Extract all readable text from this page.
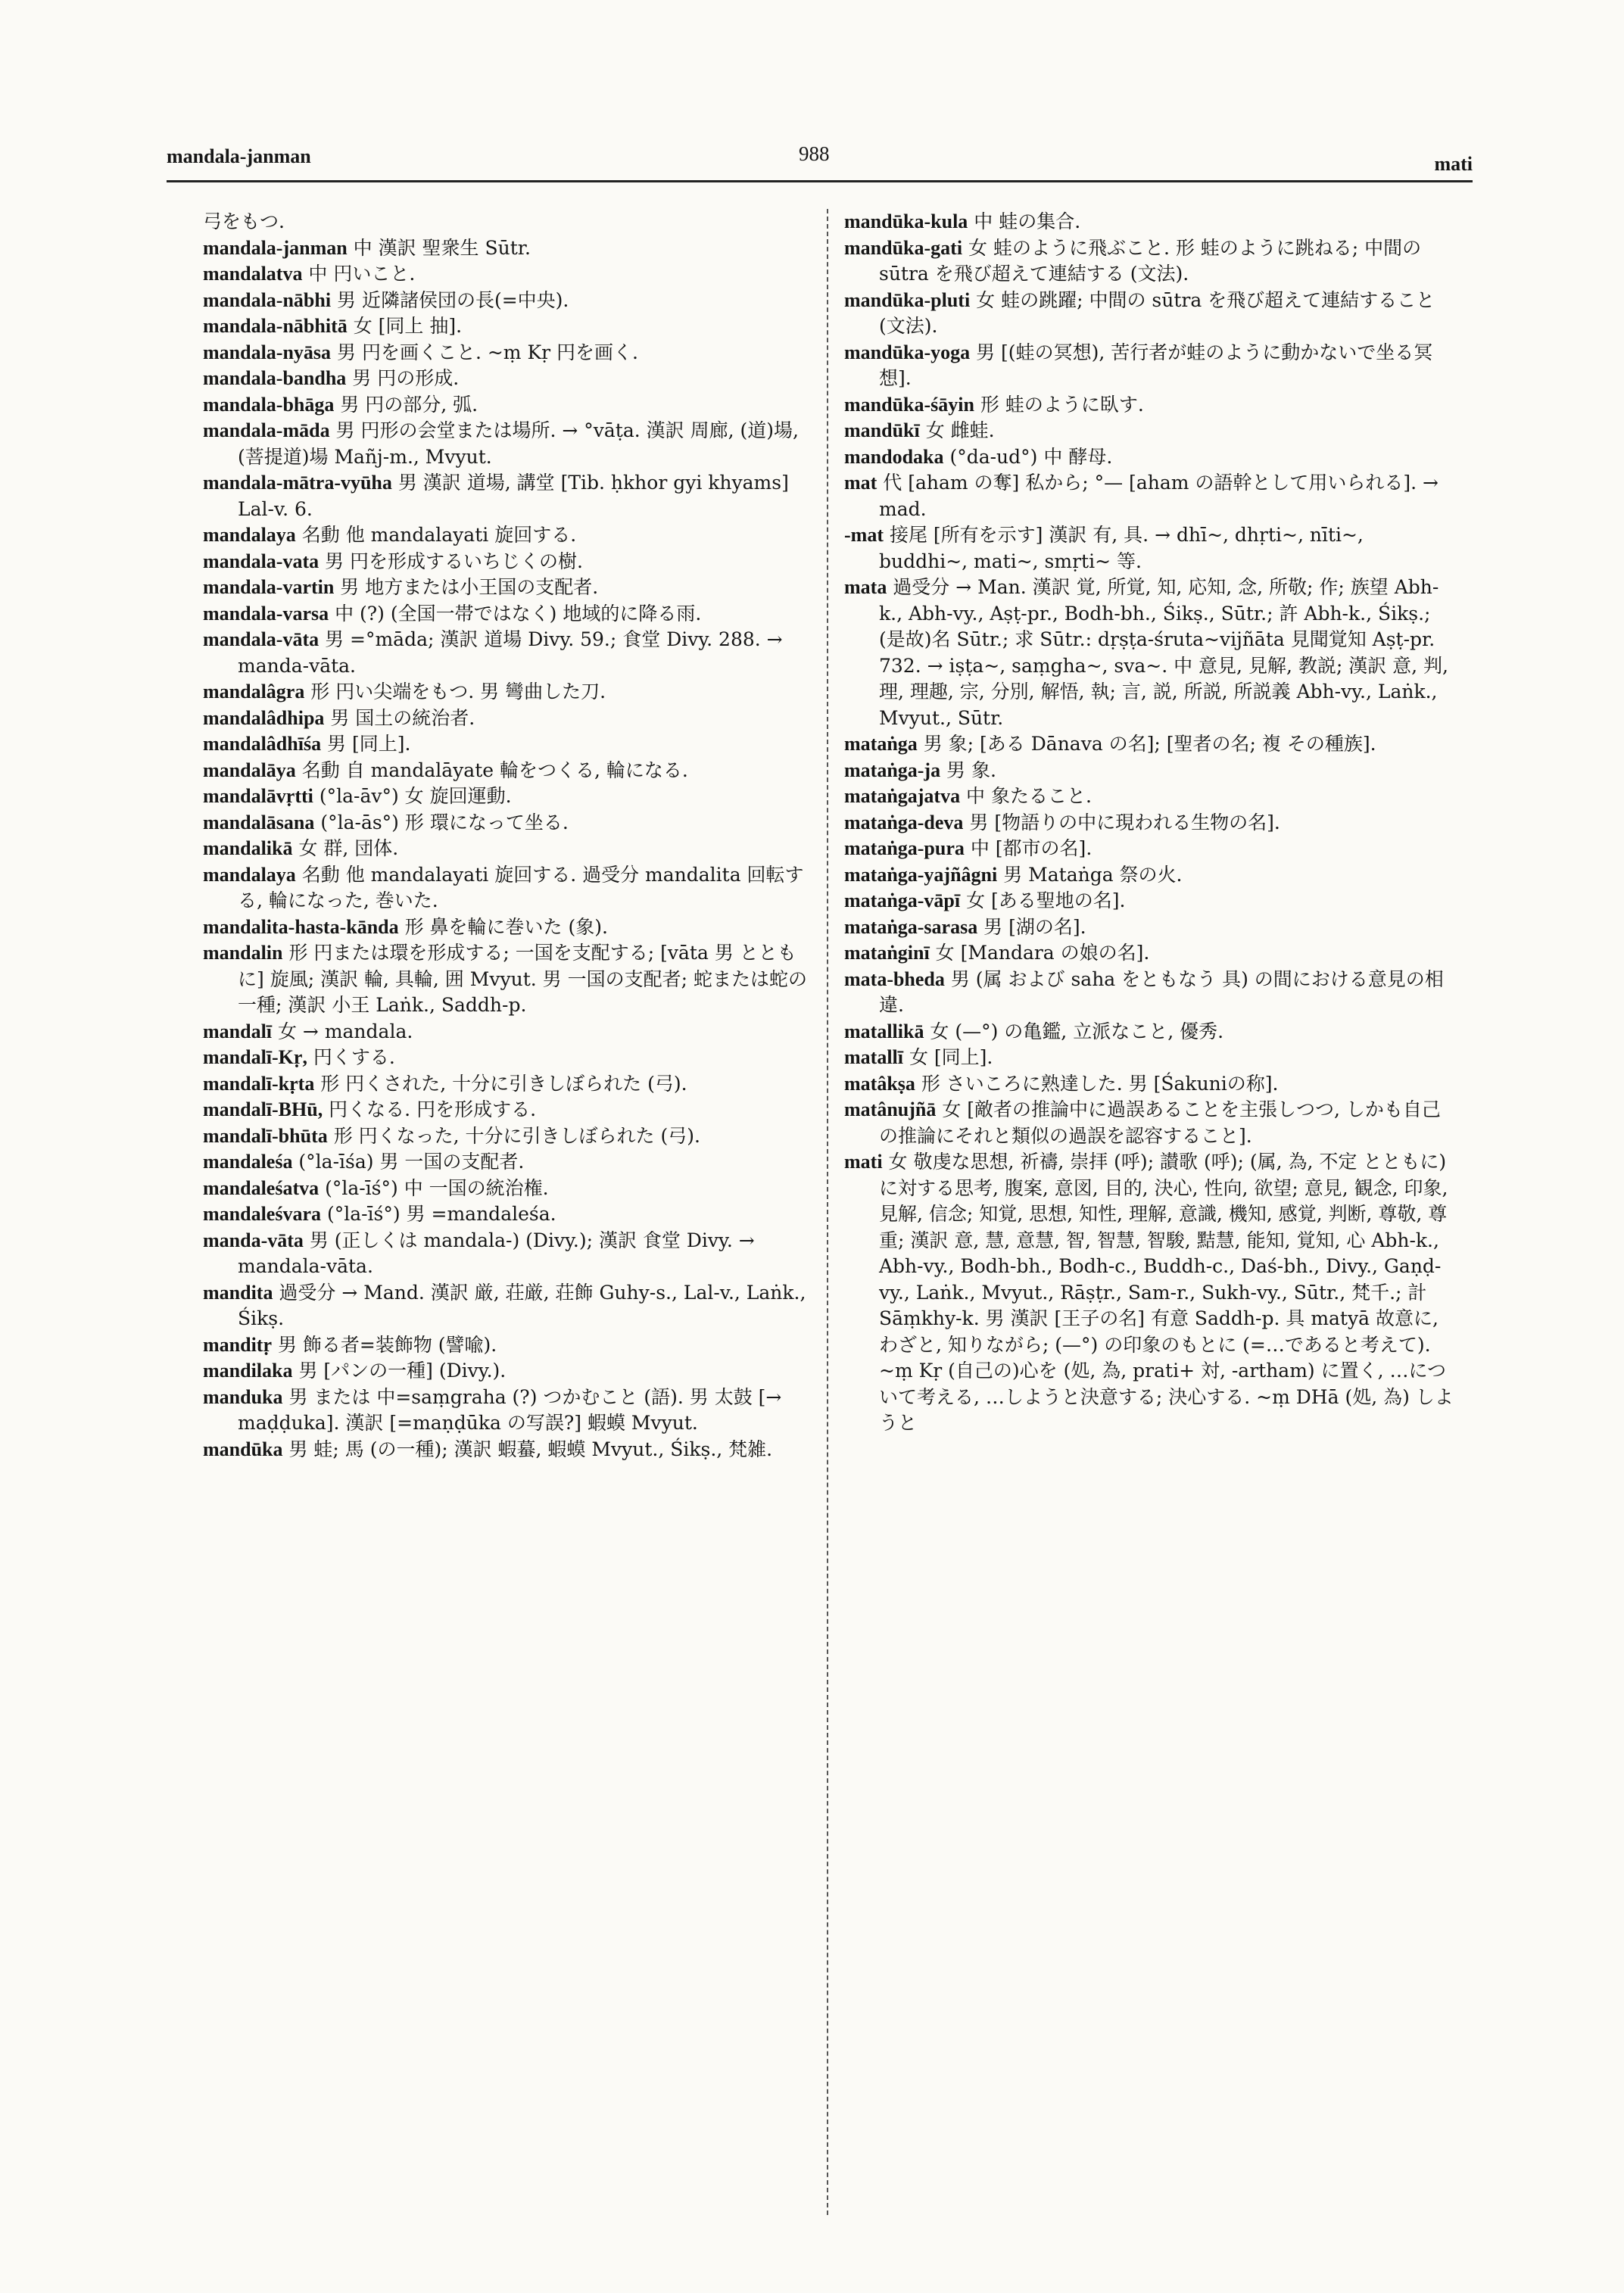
mandala-janman	988	mati
弓をもつ.
mandala-janman 中 漢訳 聖衆生 Sūtr.
mandalatva 中 円いこと.
mandala-nābhi 男 近隣諸侯団の長(=中央).
mandala-nābhitā 女 [同上 抽].
mandala-nyāsa 男 円を画くこと. ~ṃ Kṛ 円を画く.
mandala-bandha 男 円の形成.
mandala-bhāga 男 円の部分, 弧.
mandala-māda 男 円形の会堂または場所. → °vāṭa. 漢訳 周廊, (道)場, (菩提道)場 Mañj-m., Mvyut.
mandala-mātra-vyūha 男 漢訳 道場, 講堂 [Tib. ḥkhor gyi khyams] Lal-v. 6.
mandalaya 名動 他 mandalayati 旋回する.
mandala-vata 男 円を形成するいちじくの樹.
mandala-vartin 男 地方または小王国の支配者.
mandala-varsa 中 (?) (全国一帯ではなく) 地域的に降る雨.
mandala-vāta 男 =°māda; 漢訳 道場 Divy. 59.; 食堂 Divy. 288. → manda-vāta.
mandalâgra 形 円い尖端をもつ. 男 彎曲した刀.
mandalâdhipa 男 国土の統治者.
mandalâdhīśa 男 [同上].
mandalāya 名動 自 mandalāyate 輪をつくる, 輪になる.
mandalāvṛtti (°la-āv°) 女 旋回運動.
mandalāsana (°la-ās°) 形 環になって坐る.
mandalikā 女 群, 団体.
mandalaya 名動 他 mandalayati 旋回する. 過受分 mandalita 回転する, 輪になった, 巻いた.
mandalita-hasta-kānda 形 鼻を輪に巻いた (象).
mandalin 形 円または環を形成する; 一国を支配する; [vāta 男 とともに] 旋風; 漢訳 輪, 具輪, 囲 Mvyut. 男 一国の支配者; 蛇または蛇の一種; 漢訳 小王 Laṅk., Saddh-p.
mandalī 女 → mandala.
mandalī-Kṛ, 円くする.
mandalī-kṛta 形 円くされた, 十分に引きしぼられた (弓).
mandalī-BHū, 円くなる. 円を形成する.
mandalī-bhūta 形 円くなった, 十分に引きしぼられた (弓).
mandaleśa (°la-īśa) 男 一国の支配者.
mandaleśatva (°la-īś°) 中 一国の統治権.
mandaleśvara (°la-īś°) 男 =mandaleśa.
manda-vāta 男 (正しくは mandala-) (Divy.); 漢訳 食堂 Divy. → mandala-vāta.
mandita 過受分 → Mand. 漢訳 厳, 荘厳, 荘飾 Guhy-s., Lal-v., Laṅk., Śikṣ.
manditṛ 男 飾る者=装飾物 (譬喩).
mandilaka 男 [パンの一種] (Divy.).
manduka 男 または 中=saṃgraha (?) つかむこと (語). 男 太鼓 [→ maḍḍuka]. 漢訳 [=maṇḍūka の写誤?] 蝦蟆 Mvyut.
mandūka 男 蛙; 馬 (の一種); 漢訳 蝦蟇, 蝦蟆 Mvyut., Śikṣ., 梵雑.
mandūka-kula 中 蛙の集合.
mandūka-gati 女 蛙のように飛ぶこと. 形 蛙のように跳ねる; 中間の sūtra を飛び超えて連結する (文法).
mandūka-pluti 女 蛙の跳躍; 中間の sūtra を飛び超えて連結すること (文法).
mandūka-yoga 男 [(蛙の冥想), 苦行者が蛙のように動かないで坐る冥想].
mandūka-śāyin 形 蛙のように臥す.
mandūkī 女 雌蛙.
mandodaka (°da-ud°) 中 酵母.
mat 代 [aham の奪] 私から; °— [aham の語幹として用いられる]. → mad.
-mat 接尾 [所有を示す] 漢訳 有, 具. → dhī~, dhṛti~, nīti~, buddhi~, mati~, smṛti~ 等.
mata 過受分 → Man. 漢訳 覚, 所覚, 知, 応知, 念, 所敬; 作; 族望 Abh-k., Abh-vy., Aṣṭ-pr., Bodh-bh., Śikṣ., Sūtr.; 許 Abh-k., Śikṣ.; (是故)名 Sūtr.; 求 Sūtr.: dṛṣṭa-śruta~vijñāta 見聞覚知 Aṣṭ-pr. 732. → iṣṭa~, saṃgha~, sva~. 中 意見, 見解, 教説; 漢訳 意, 判, 理, 理趣, 宗, 分別, 解悟, 執; 言, 説, 所説, 所説義 Abh-vy., Laṅk., Mvyut., Sūtr.
mataṅga 男 象; [ある Dānava の名]; [聖者の名; 複 その種族].
mataṅga-ja 男 象.
mataṅgajatva 中 象たること.
mataṅga-deva 男 [物語りの中に現われる生物の名].
mataṅga-pura 中 [都市の名].
mataṅga-yajñâgni 男 Mataṅga 祭の火.
mataṅga-vāpī 女 [ある聖地の名].
mataṅga-sarasa 男 [湖の名].
mataṅginī 女 [Mandara の娘の名].
mata-bheda 男 (属 および saha をともなう 具) の間における意見の相違.
matallikā 女 (—°) の亀鑑, 立派なこと, 優秀.
matallī 女 [同上].
matâkṣa 形 さいころに熟達した. 男 [Śakuniの称].
matânujñā 女 [敵者の推論中に過誤あることを主張しつつ, しかも自己の推論にそれと類似の過誤を認容すること].
mati 女 敬虔な思想, 祈禱, 崇拝 (呼); 讃歌 (呼); (属, 為, 不定 とともに) に対する思考, 腹案, 意図, 目的, 決心, 性向, 欲望; 意見, 観念, 印象, 見解, 信念; 知覚, 思想, 知性, 理解, 意識, 機知, 感覚, 判断, 尊敬, 尊重; 漢訳 意, 慧, 意慧, 智, 智慧, 智駿, 黠慧, 能知, 覚知, 心 Abh-k., Abh-vy., Bodh-bh., Bodh-c., Buddh-c., Daś-bh., Divy., Gaṇḍ-vy., Laṅk., Mvyut., Rāṣṭr., Sam-r., Sukh-vy., Sūtr., 梵千.; 計 Sāṃkhy-k. 男 漢訳 [王子の名] 有意 Saddh-p. 具 matyā 故意に, わざと, 知りながら; (—°) の印象のもとに (=…であると考えて). ~ṃ Kṛ (自己の)心を (処, 為, prati+ 対, -artham) に置く, …について考える, …しようと決意する; 決心する. ~ṃ DHā (処, 為) しようと
